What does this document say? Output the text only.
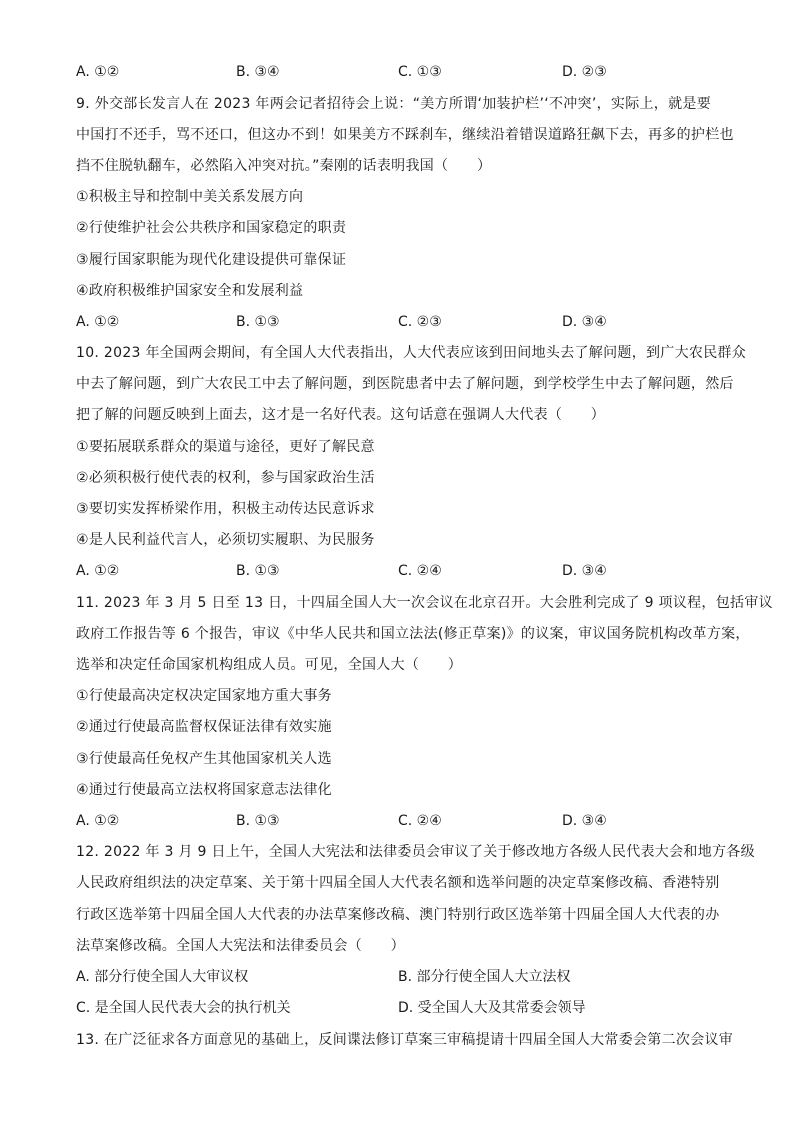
A. ①②	B. ③④	C. ①③	D. ②③
9. 外交部长发言人在 2023 年两会记者招待会上说：“美方所谓‘加装护栏’‘不冲突’，实际上，就是要
中国打不还手，骂不还口，但这办不到！如果美方不踩刹车，继续沿着错误道路狂飙下去，再多的护栏也
挡不住脱轨翻车，必然陷入冲突对抗。”秦刚的话表明我国（　　）
①积极主导和控制中美关系发展方向
②行使维护社会公共秩序和国家稳定的职责
③履行国家职能为现代化建设提供可靠保证
④政府积极维护国家安全和发展利益
A. ①②	B. ①③	C. ②③	D. ③④
10. 2023 年全国两会期间，有全国人大代表指出，人大代表应该到田间地头去了解问题，到广大农民群众
中去了解问题，到广大农民工中去了解问题，到医院患者中去了解问题，到学校学生中去了解问题，然后
把了解的问题反映到上面去，这才是一名好代表。这句话意在强调人大代表（　　）
①要拓展联系群众的渠道与途径，更好了解民意
②必须积极行使代表的权利，参与国家政治生活
③要切实发挥桥梁作用，积极主动传达民意诉求
④是人民利益代言人，必须切实履职、为民服务
A. ①②	B. ①③	C. ②④	D. ③④
11. 2023 年 3 月 5 日至 13 日，十四届全国人大一次会议在北京召开。大会胜利完成了 9 项议程，包括审议
政府工作报告等 6 个报告，审议《中华人民共和国立法法(修正草案)》的议案，审议国务院机构改革方案，
选举和决定任命国家机构组成人员。可见，全国人大（　　）
①行使最高决定权决定国家地方重大事务
②通过行使最高监督权保证法律有效实施
③行使最高任免权产生其他国家机关人选
④通过行使最高立法权将国家意志法律化
A. ①②	B. ①③	C. ②④	D. ③④
12. 2022 年 3 月 9 日上午，全国人大宪法和法律委员会审议了关于修改地方各级人民代表大会和地方各级
人民政府组织法的决定草案、关于第十四届全国人大代表名额和选举问题的决定草案修改稿、香港特别
行政区选举第十四届全国人大代表的办法草案修改稿、澳门特别行政区选举第十四届全国人大代表的办
法草案修改稿。全国人大宪法和法律委员会（　　）
A. 部分行使全国人大审议权	B. 部分行使全国人大立法权
C. 是全国人民代表大会的执行机关	D. 受全国人大及其常委会领导
13. 在广泛征求各方面意见的基础上，反间谍法修订草案三审稿提请十四届全国人大常委会第二次会议审
